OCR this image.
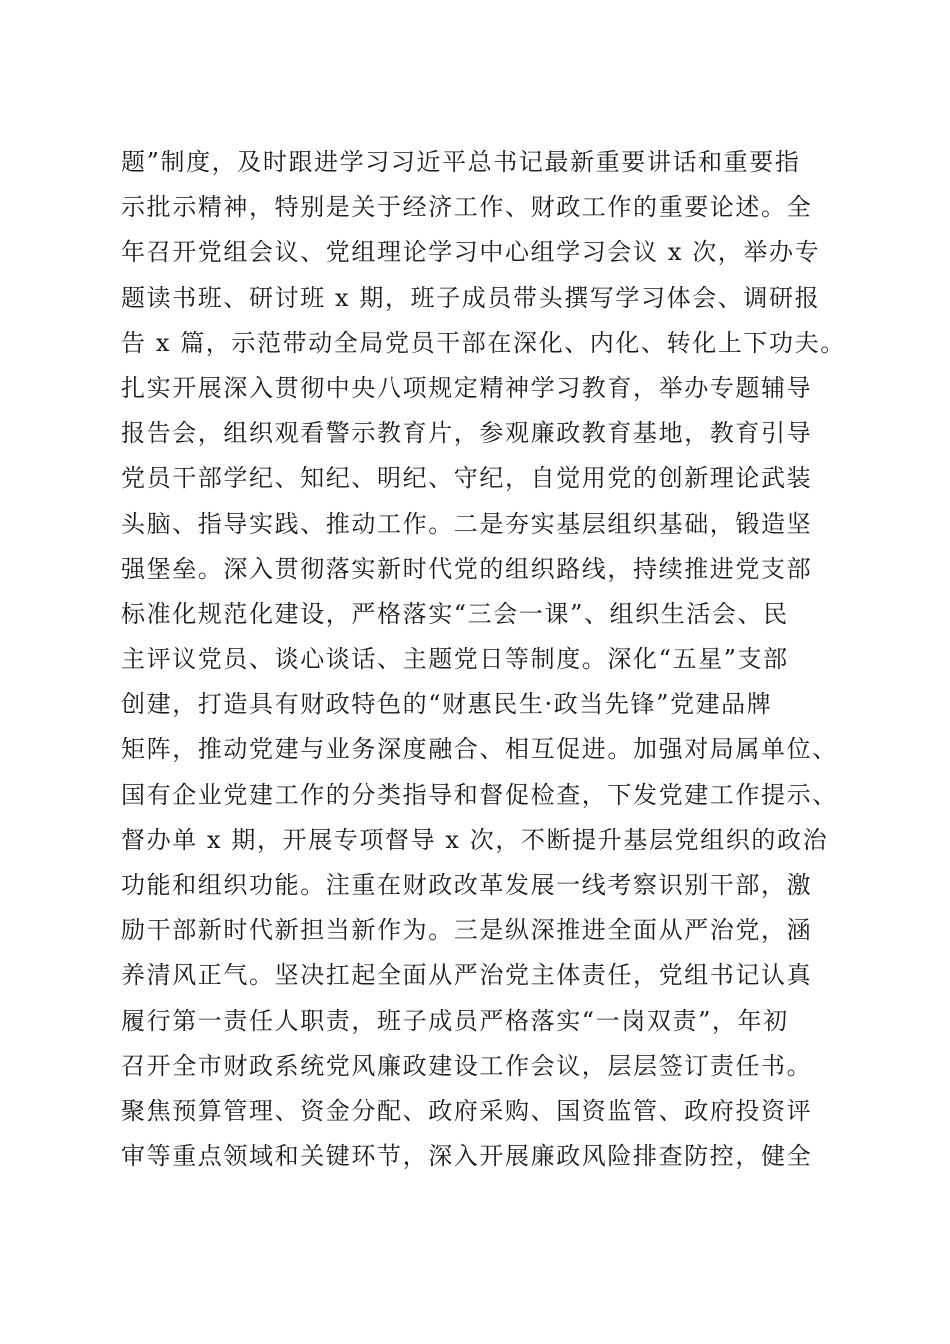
题”制度，及时跟进学习习近平总书记最新重要讲话和重要指
示批示精神，特别是关于经济工作、财政工作的重要论述。全
年召开党组会议、党组理论学习中心组学习会议 x 次，举办专
题读书班、研讨班 x 期，班子成员带头撰写学习体会、调研报
告 x 篇，示范带动全局党员干部在深化、内化、转化上下功夫。
扎实开展深入贯彻中央八项规定精神学习教育，举办专题辅导
报告会，组织观看警示教育片，参观廉政教育基地，教育引导
党员干部学纪、知纪、明纪、守纪，自觉用党的创新理论武装
头脑、指导实践、推动工作。二是夯实基层组织基础，锻造坚
强堡垒。深入贯彻落实新时代党的组织路线，持续推进党支部
标准化规范化建设，严格落实“三会一课”、组织生活会、民
主评议党员、谈心谈话、主题党日等制度。深化“五星”支部
创建，打造具有财政特色的“财惠民生·政当先锋”党建品牌
矩阵，推动党建与业务深度融合、相互促进。加强对局属单位、
国有企业党建工作的分类指导和督促检查，下发党建工作提示、
督办单 x 期，开展专项督导 x 次，不断提升基层党组织的政治
功能和组织功能。注重在财政改革发展一线考察识别干部，激
励干部新时代新担当新作为。三是纵深推进全面从严治党，涵
养清风正气。坚决扛起全面从严治党主体责任，党组书记认真
履行第一责任人职责，班子成员严格落实“一岗双责”，年初
召开全市财政系统党风廉政建设工作会议，层层签订责任书。
聚焦预算管理、资金分配、政府采购、国资监管、政府投资评
审等重点领域和关键环节，深入开展廉政风险排查防控，健全
